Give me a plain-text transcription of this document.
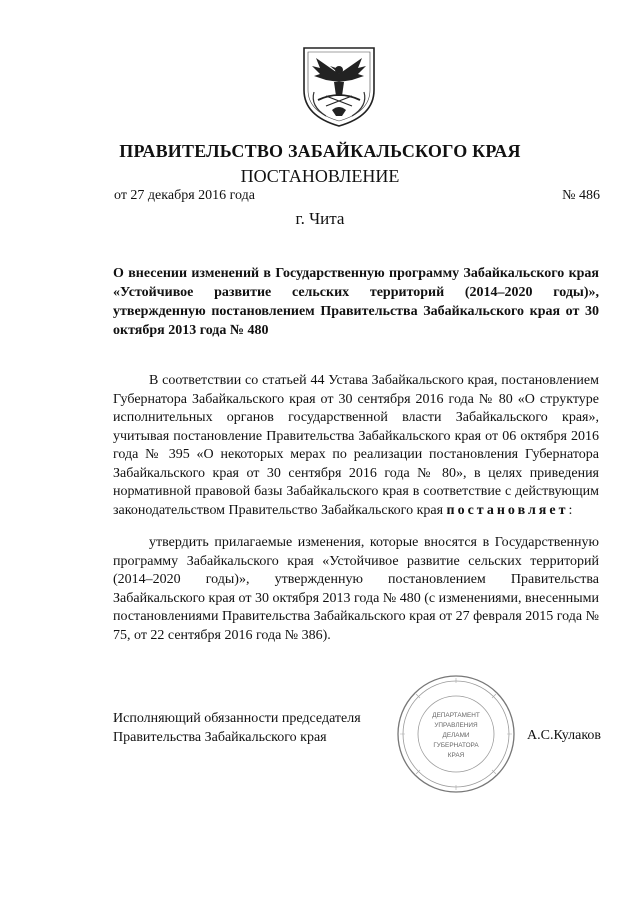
ПРАВИТЕЛЬСТВО ЗАБАЙКАЛЬСКОГО КРАЯ
ПОСТАНОВЛЕНИЕ
от 27 декабря 2016 года	№ 486
г. Чита
О внесении изменений в Государственную программу Забайкальского края «Устойчивое развитие сельских территорий (2014–2020 годы)», утвержденную постановлением Правительства Забайкальского края от 30 октября 2013 года № 480
В соответствии со статьей 44 Устава Забайкальского края, постановлением Губернатора Забайкальского края от 30 сентября 2016 года № 80 «О структуре исполнительных органов государственной власти Забайкальского края», учитывая постановление Правительства Забайкальского края от 06 октября 2016 года № 395 «О некоторых мерах по реализации постановления Губернатора Забайкальского края от 30 сентября 2016 года № 80», в целях приведения нормативной правовой базы Забайкальского края в соответствие с действующим законодательством Правительство Забайкальского края постановляет:
утвердить прилагаемые изменения, которые вносятся в Государственную программу Забайкальского края «Устойчивое развитие сельских территорий (2014–2020 годы)», утвержденную постановлением Правительства Забайкальского края от 30 октября 2013 года № 480 (с изменениями, внесенными постановлениями Правительства Забайкальского края от 27 февраля 2015 года № 75, от 22 сентября 2016 года № 386).
Исполняющий обязанности председателя
Правительства Забайкальского края
ДЕПАРТАМЕНТ
УПРАВЛЕНИЯ
ДЕЛАМИ
ГУБЕРНАТОРА
КРАЯ
А.С.Кулаков
